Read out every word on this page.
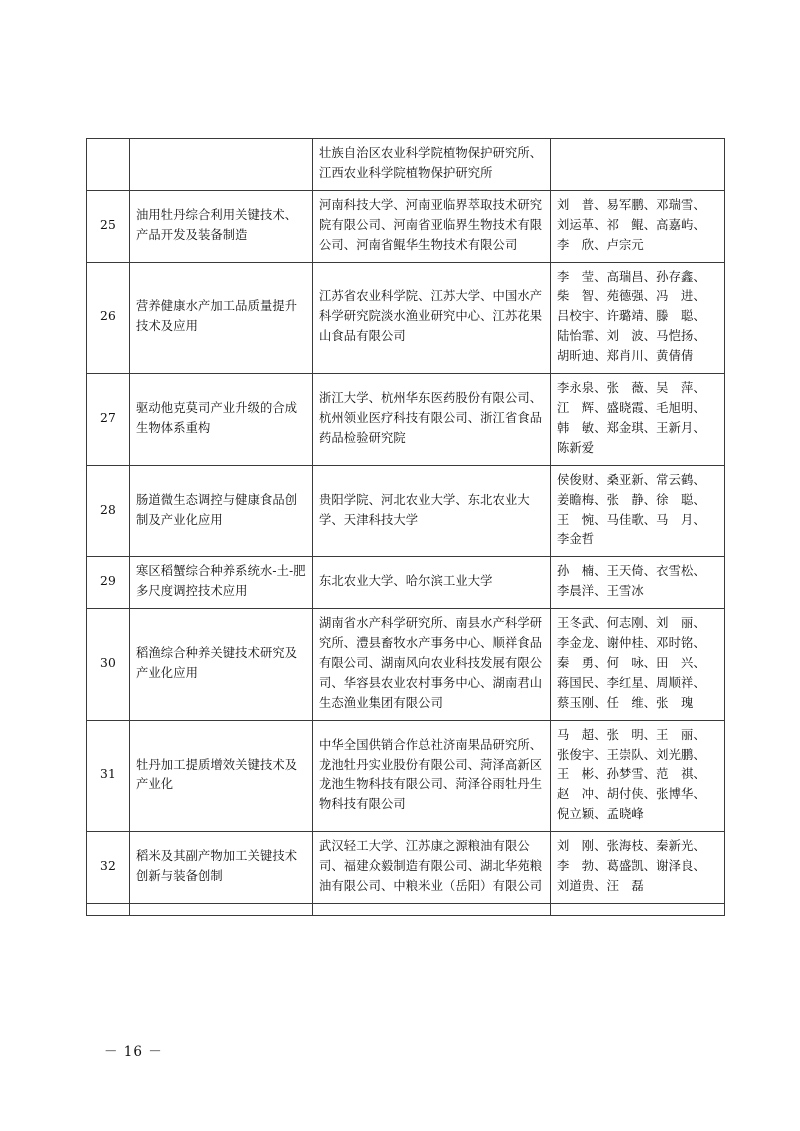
		壮族自治区农业科学院植物保护研究所、江西农业科学院植物保护研究所	
25	油用牡丹综合利用关键技术、产品开发及装备制造	河南科技大学、河南亚临界萃取技术研究院有限公司、河南省亚临界生物技术有限公司、河南省鲲华生物技术有限公司	刘　普、易军鹏、邓瑞雪、刘运革、祁　鲲、高嘉屿、李　欣、卢宗元
26	营养健康水产加工品质量提升技术及应用	江苏省农业科学院、江苏大学、中国水产科学研究院淡水渔业研究中心、江苏花果山食品有限公司	李　莹、高瑞昌、孙存鑫、柴　智、苑德强、冯　进、吕校宇、许璐靖、滕　聪、陆怡霏、刘　波、马恺扬、胡昕迪、郑肖川、黄倩倩
27	驱动他克莫司产业升级的合成生物体系重构	浙江大学、杭州华东医药股份有限公司、杭州领业医疗科技有限公司、浙江省食品药品检验研究院	李永泉、张　薇、吴　萍、江　辉、盛晓霞、毛旭明、韩　敏、郑金琪、王新月、陈新爱
28	肠道微生态调控与健康食品创制及产业化应用	贵阳学院、河北农业大学、东北农业大学、天津科技大学	侯俊财、桑亚新、常云鹤、姜瞻梅、张　静、徐　聪、王　惋、马佳歌、马　月、李金哲
29	寒区稻蟹综合种养系统水-土-肥多尺度调控技术应用	东北农业大学、哈尔滨工业大学	孙　楠、王天倚、衣雪松、李晨洋、王雪冰
30	稻渔综合种养关键技术研究及产业化应用	湖南省水产科学研究所、南县水产科学研究所、澧县畜牧水产事务中心、顺祥食品有限公司、湖南风向农业科技发展有限公司、华容县农业农村事务中心、湖南君山生态渔业集团有限公司	王冬武、何志刚、刘　丽、李金龙、谢仲桂、邓时铭、秦　勇、何　咏、田　兴、蒋国民、李红星、周顺祥、蔡玉刚、任　维、张　瑰
31	牡丹加工提质增效关键技术及产业化	中华全国供销合作总社济南果品研究所、龙池牡丹实业股份有限公司、菏泽高新区龙池生物科技有限公司、菏泽谷雨牡丹生物科技有限公司	马　超、张　明、王　丽、张俊宇、王崇队、刘光鹏、王　彬、孙梦雪、范　祺、赵　冲、胡付侠、张博华、倪立颖、孟晓峰
32	稻米及其副产物加工关键技术创新与装备创制	武汉轻工大学、江苏康之源粮油有限公司、福建众毅制造有限公司、湖北华苑粮油有限公司、中粮米业（岳阳）有限公司	刘　刚、张海枝、秦新光、李　勃、葛盛凯、谢泽良、刘道贵、汪　磊

－ 16 －
